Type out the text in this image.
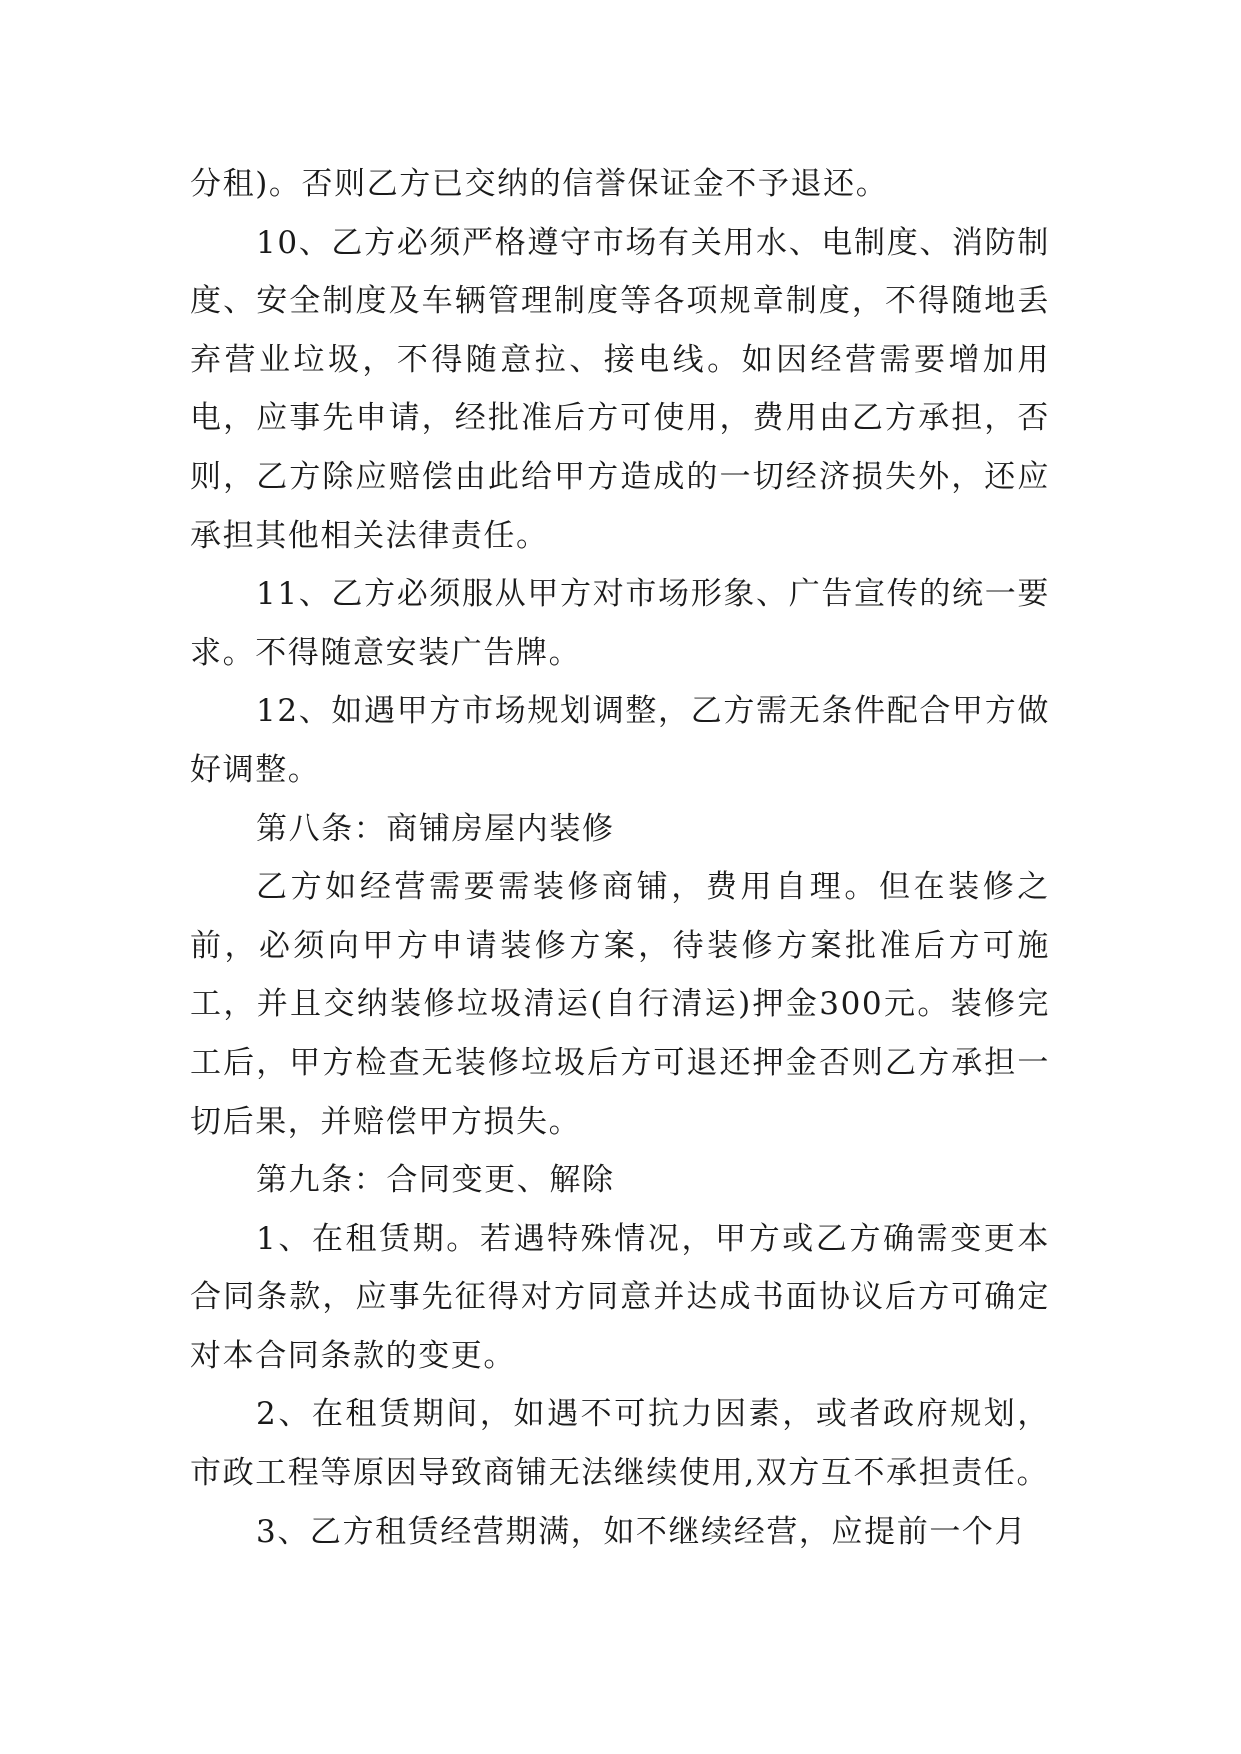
分租)。否则乙方已交纳的信誉保证金不予退还。

10、乙方必须严格遵守市场有关用水、电制度、消防制度、安全制度及车辆管理制度等各项规章制度，不得随地丢弃营业垃圾，不得随意拉、接电线。如因经营需要增加用电，应事先申请，经批准后方可使用，费用由乙方承担，否则，乙方除应赔偿由此给甲方造成的一切经济损失外，还应承担其他相关法律责任。

11、乙方必须服从甲方对市场形象、广告宣传的统一要求。不得随意安装广告牌。

12、如遇甲方市场规划调整，乙方需无条件配合甲方做好调整。

第八条：商铺房屋内装修

乙方如经营需要需装修商铺，费用自理。但在装修之前，必须向甲方申请装修方案，待装修方案批准后方可施工，并且交纳装修垃圾清运(自行清运)押金300元。装修完工后，甲方检查无装修垃圾后方可退还押金否则乙方承担一切后果，并赔偿甲方损失。

第九条：合同变更、解除

1、在租赁期。若遇特殊情况，甲方或乙方确需变更本合同条款，应事先征得对方同意并达成书面协议后方可确定对本合同条款的变更。

2、在租赁期间，如遇不可抗力因素，或者政府规划，市政工程等原因导致商铺无法继续使用,双方互不承担责任。

3、乙方租赁经营期满，如不继续经营，应提前一个月
